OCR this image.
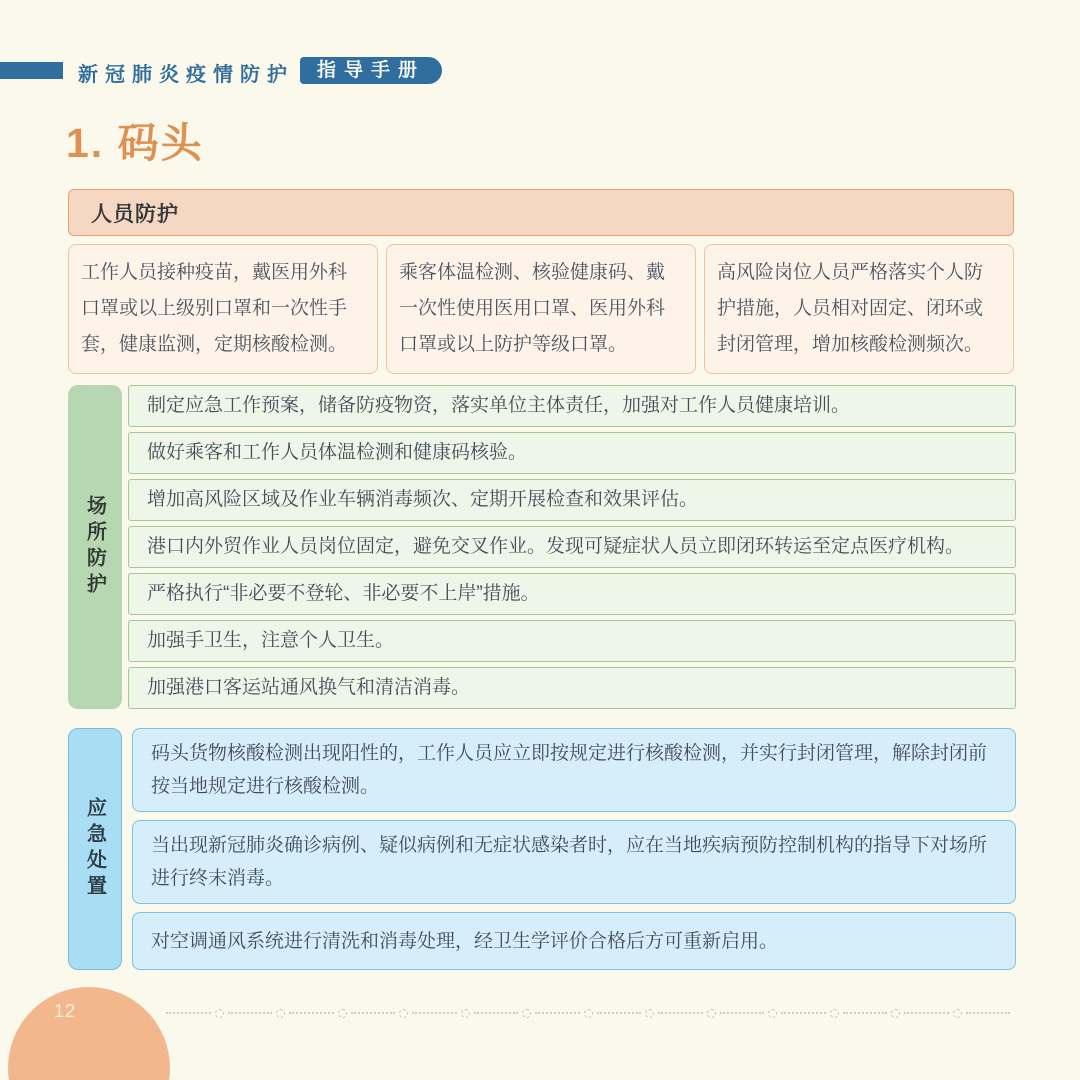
新冠肺炎疫情防护	指导手册
1. 码头
人员防护
工作人员接种疫苗，戴医用外科口罩或以上级别口罩和一次性手套，健康监测，定期核酸检测。
乘客体温检测、核验健康码、戴一次性使用医用口罩、医用外科口罩或以上防护等级口罩。
高风险岗位人员严格落实个人防护措施，人员相对固定、闭环或封闭管理，增加核酸检测频次。
场所防护
制定应急工作预案，储备防疫物资，落实单位主体责任，加强对工作人员健康培训。
做好乘客和工作人员体温检测和健康码核验。
增加高风险区域及作业车辆消毒频次、定期开展检查和效果评估。
港口内外贸作业人员岗位固定，避免交叉作业。发现可疑症状人员立即闭环转运至定点医疗机构。
严格执行“非必要不登轮、非必要不上岸”措施。
加强手卫生，注意个人卫生。
加强港口客运站通风换气和清洁消毒。
应急处置
码头货物核酸检测出现阳性的，工作人员应立即按规定进行核酸检测，并实行封闭管理，解除封闭前按当地规定进行核酸检测。
当出现新冠肺炎确诊病例、疑似病例和无症状感染者时，应在当地疾病预防控制机构的指导下对场所进行终末消毒。
对空调通风系统进行清洗和消毒处理，经卫生学评价合格后方可重新启用。
12
